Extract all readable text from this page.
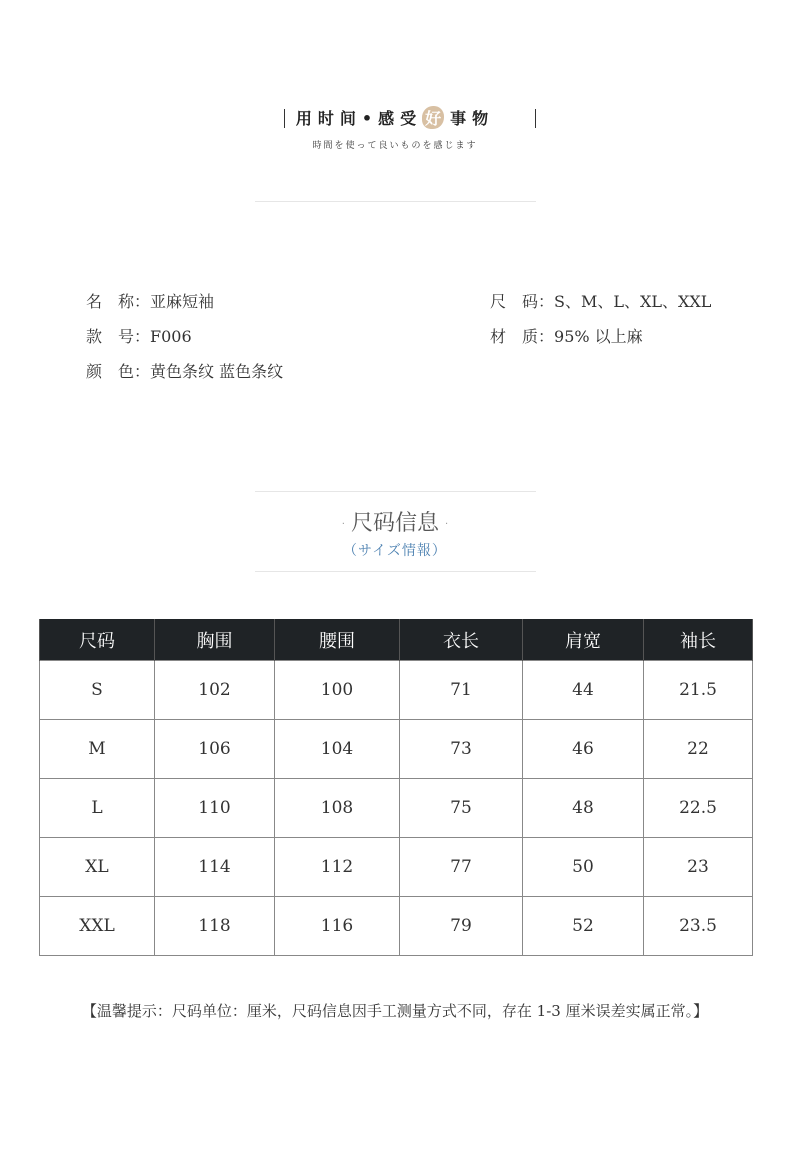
用时间•感受 好 事物
時間を使って良いものを感じます
名　称：亚麻短袖
款　号：F006
颜　色：黄色条纹 蓝色条纹
尺　码：S、M、L、XL、XXL
材　质：95% 以上麻
· 尺码信息 ·
（サイズ情報）
尺码	胸围	腰围	衣长	肩宽	袖长
S	102	100	71	44	21.5
M	106	104	73	46	22
L	110	108	75	48	22.5
XL	114	112	77	50	23
XXL	118	116	79	52	23.5
【温馨提示：尺码单位：厘米，尺码信息因手工测量方式不同，存在 1-3 厘米误差实属正常。】
